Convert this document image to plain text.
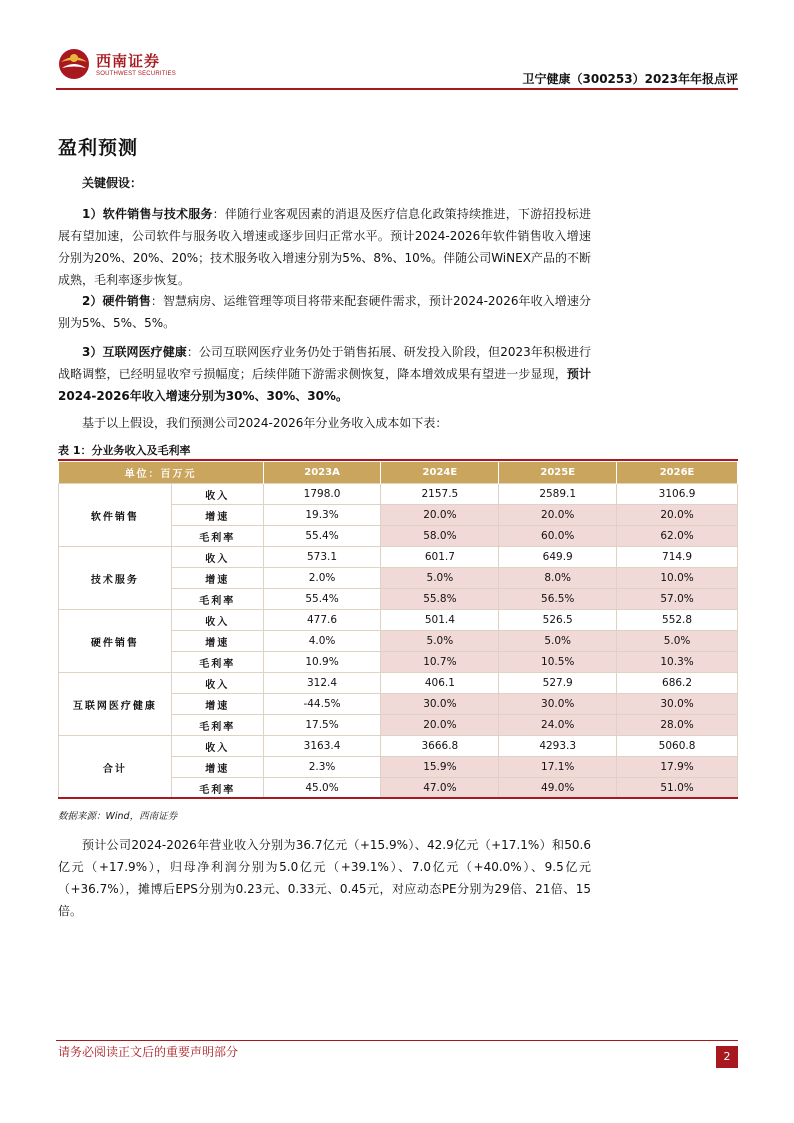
西南证券
SOUTHWEST SECURITIES	卫宁健康（300253）2023年年报点评
盈利预测
关键假设：
1）软件销售与技术服务：伴随行业客观因素的消退及医疗信息化政策持续推进，下游招投标进展有望加速，公司软件与服务收入增速或逐步回归正常水平。预计2024-2026年软件销售收入增速分别为20%、20%、20%；技术服务收入增速分别为5%、8%、10%。伴随公司WiNEX产品的不断成熟，毛利率逐步恢复。
2）硬件销售：智慧病房、运维管理等项目将带来配套硬件需求，预计2024-2026年收入增速分别为5%、5%、5%。
3）互联网医疗健康：公司互联网医疗业务仍处于销售拓展、研发投入阶段，但2023年积极进行战略调整，已经明显收窄亏损幅度；后续伴随下游需求侧恢复，降本增效成果有望进一步显现，预计2024-2026年收入增速分别为30%、30%、30%。
基于以上假设，我们预测公司2024-2026年分业务收入成本如下表：
表 1：分业务收入及毛利率
单位：百万元		2023A	2024E	2025E	2026E
软件销售	收入	1798.0	2157.5	2589.1	3106.9
	增速	19.3%	20.0%	20.0%	20.0%
	毛利率	55.4%	58.0%	60.0%	62.0%
技术服务	收入	573.1	601.7	649.9	714.9
	增速	2.0%	5.0%	8.0%	10.0%
	毛利率	55.4%	55.8%	56.5%	57.0%
硬件销售	收入	477.6	501.4	526.5	552.8
	增速	4.0%	5.0%	5.0%	5.0%
	毛利率	10.9%	10.7%	10.5%	10.3%
互联网医疗健康	收入	312.4	406.1	527.9	686.2
	增速	-44.5%	30.0%	30.0%	30.0%
	毛利率	17.5%	20.0%	24.0%	28.0%
合计	收入	3163.4	3666.8	4293.3	5060.8
	增速	2.3%	15.9%	17.1%	17.9%
	毛利率	45.0%	47.0%	49.0%	51.0%
数据来源：Wind，西南证券
预计公司2024-2026年营业收入分别为36.7亿元（+15.9%）、42.9亿元（+17.1%）和50.6亿元（+17.9%），归母净利润分别为5.0亿元（+39.1%）、7.0亿元（+40.0%）、9.5亿元（+36.7%），摊博后EPS分别为0.23元、0.33元、0.45元，对应动态PE分别为29倍、21倍、15倍。
请务必阅读正文后的重要声明部分	2
